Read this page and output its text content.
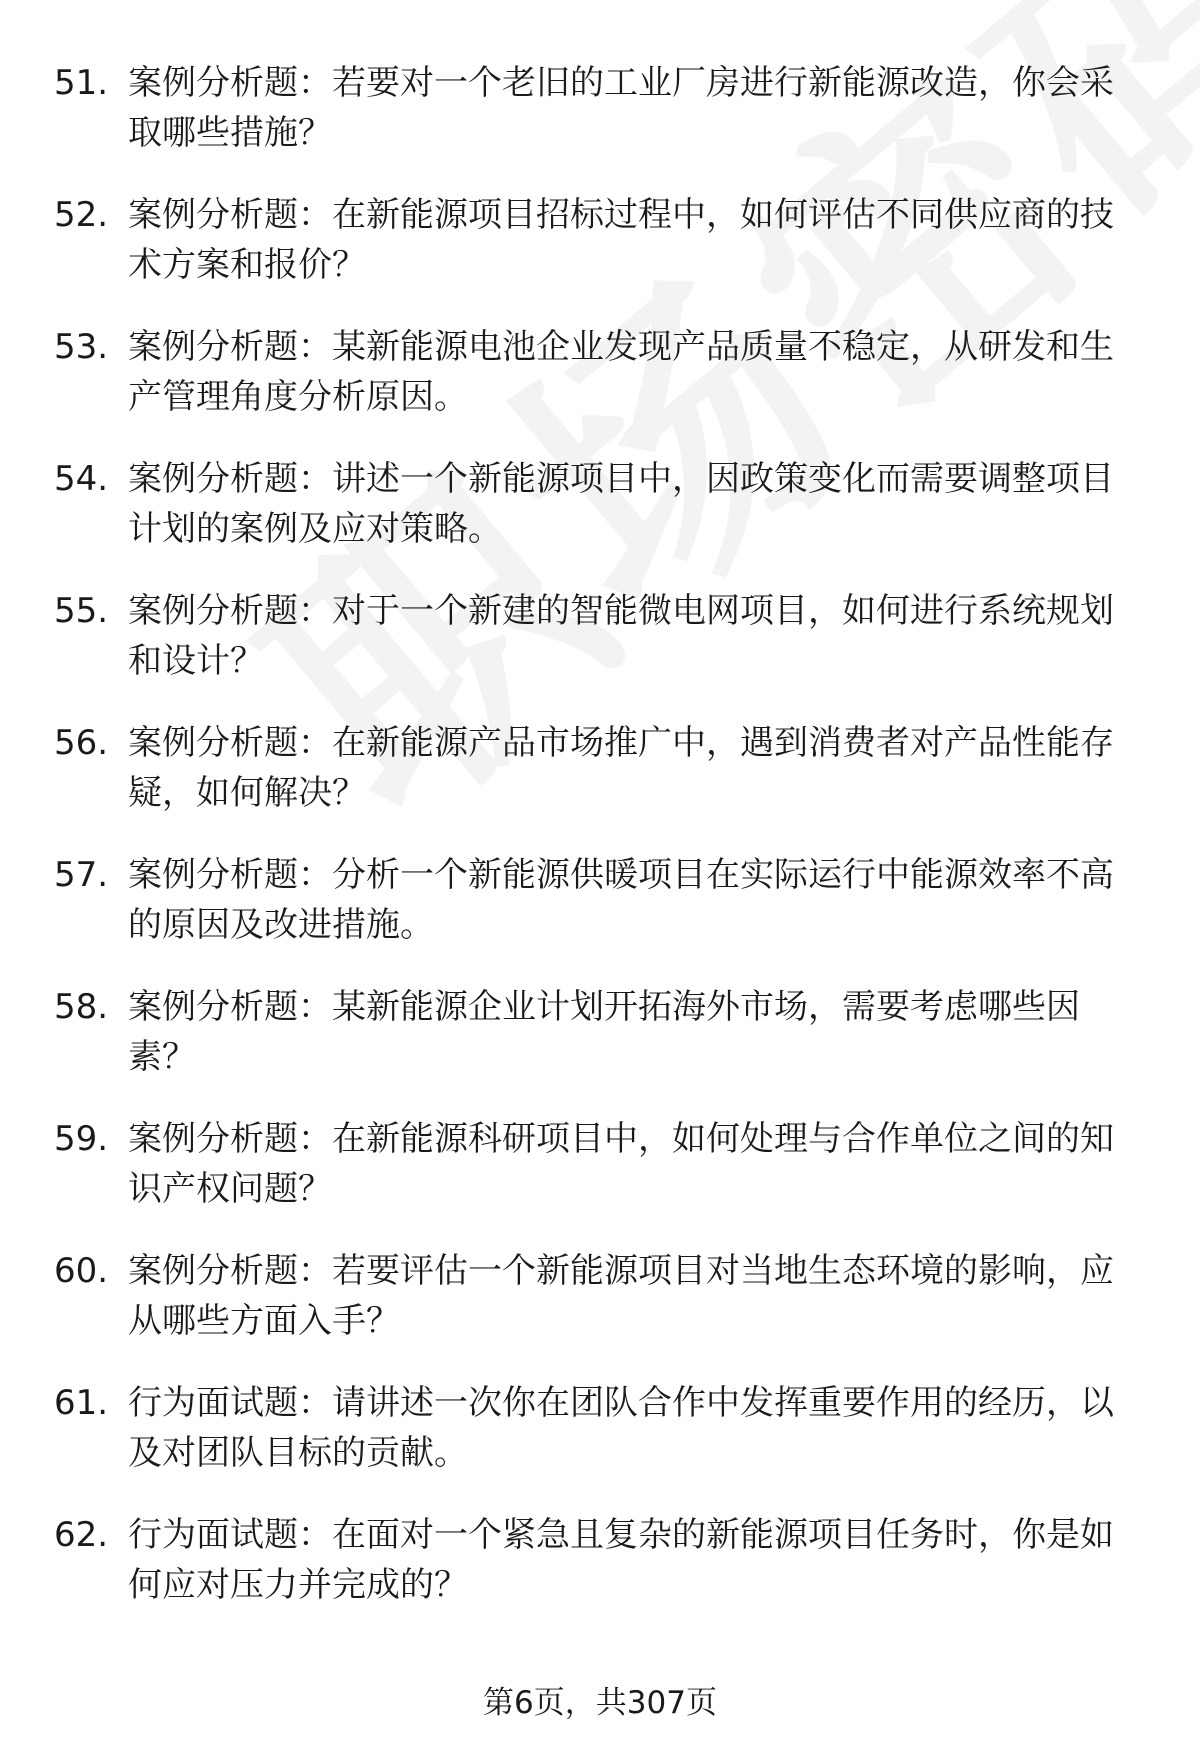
51. 案例分析题：若要对一个老旧的工业厂房进行新能源改造，你会采取哪些措施？
52. 案例分析题：在新能源项目招标过程中，如何评估不同供应商的技术方案和报价？
53. 案例分析题：某新能源电池企业发现产品质量不稳定，从研发和生产管理角度分析原因。
54. 案例分析题：讲述一个新能源项目中，因政策变化而需要调整项目计划的案例及应对策略。
55. 案例分析题：对于一个新建的智能微电网项目，如何进行系统规划和设计？
56. 案例分析题：在新能源产品市场推广中，遇到消费者对产品性能存疑，如何解决？
57. 案例分析题：分析一个新能源供暖项目在实际运行中能源效率不高的原因及改进措施。
58. 案例分析题：某新能源企业计划开拓海外市场，需要考虑哪些因素？
59. 案例分析题：在新能源科研项目中，如何处理与合作单位之间的知识产权问题？
60. 案例分析题：若要评估一个新能源项目对当地生态环境的影响，应从哪些方面入手？
61. 行为面试题：请讲述一次你在团队合作中发挥重要作用的经历，以及对团队目标的贡献。
62. 行为面试题：在面对一个紧急且复杂的新能源项目任务时，你是如何应对压力并完成的？
第6页，共307页
